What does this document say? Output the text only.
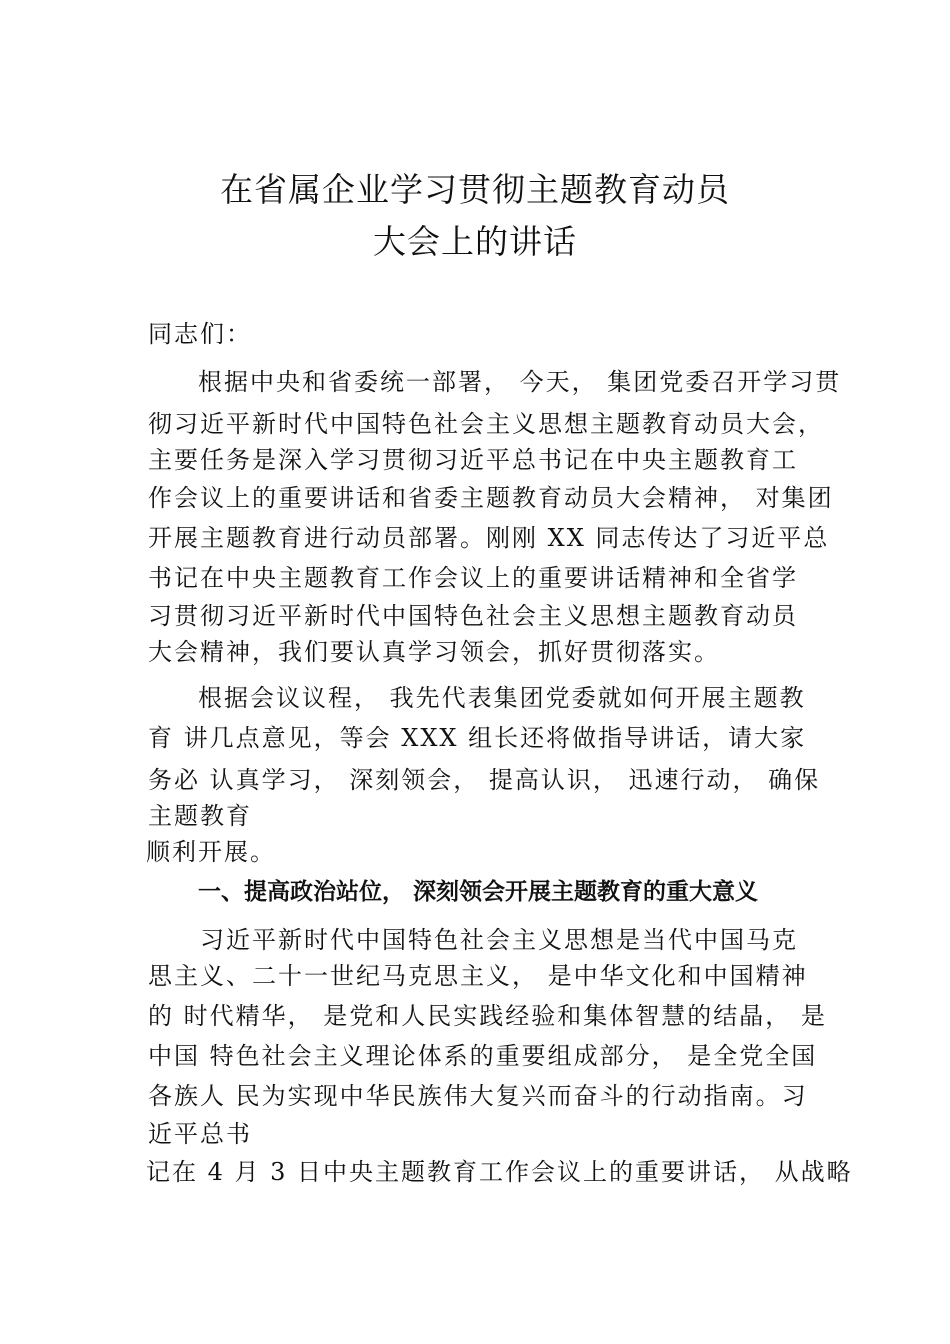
在省属企业学习贯彻主题教育动员
大会上的讲话
同志们：
根据中央和省委统一部署， 今天， 集团党委召开学习贯
彻习近平新时代中国特色社会主义思想主题教育动员大会，
主要任务是深入学习贯彻习近平总书记在中央主题教育工
作会议上的重要讲话和省委主题教育动员大会精神， 对集团
开展主题教育进行动员部署。刚刚 XX 同志传达了习近平总
书记在中央主题教育工作会议上的重要讲话精神和全省学
习贯彻习近平新时代中国特色社会主义思想主题教育动员
大会精神，我们要认真学习领会，抓好贯彻落实。
根据会议议程， 我先代表集团党委就如何开展主题教
育 讲几点意见，等会 XXX 组长还将做指导讲话，请大家
务必 认真学习， 深刻领会， 提高认识， 迅速行动， 确保
主题教育
顺利开展。
一、提高政治站位， 深刻领会开展主题教育的重大意义
习近平新时代中国特色社会主义思想是当代中国马克
思主义、二十一世纪马克思主义， 是中华文化和中国精神
的 时代精华， 是党和人民实践经验和集体智慧的结晶， 是
中国 特色社会主义理论体系的重要组成部分， 是全党全国
各族人 民为实现中华民族伟大复兴而奋斗的行动指南。习
近平总书
记在 4 月 3 日中央主题教育工作会议上的重要讲话， 从战略
